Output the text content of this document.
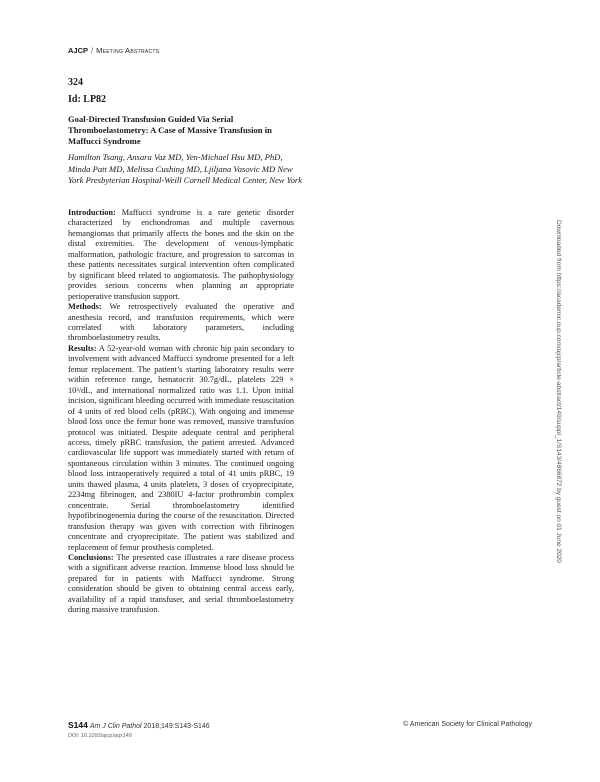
AJCP / Meeting Abstracts
324
Id: LP82
Goal-Directed Transfusion Guided Via Serial Thromboelastometry: A Case of Massive Transfusion in Maffucci Syndrome
Hamilton Tsang, Ansara Vaz MD, Yen-Michael Hsu MD, PhD, Minda Patt MD, Melissa Cushing MD, Ljiljana Vasovic MD New York Presbyterian Hospital-Weill Cornell Medical Center, New York

Introduction: Maffucci syndrome is a rare genetic disorder characterized by enchondromas and multiple cavernous hemangiomas that primarily affects the bones and the skin on the distal extremities. The development of venous-lymphatic malformation, pathologic fracture, and progression to sarcomas in these patients necessitates surgical intervention often complicated by significant bleed related to angiomatosis. The pathophysiology provides serious concerns when planning an appropriate perioperative transfusion support.

Methods: We retrospectively evaluated the operative and anesthesia record, and transfusion requirements, which were correlated with laboratory parameters, including thromboelastometry results.

Results: A 52-year-old woman with chronic hip pain secondary to involvement with advanced Maffucci syndrome presented for a left femur replacement. The patient’s starting laboratory results were within reference range, hematocrit 30.7g/dL, platelets 229 × 10³/dL, and international normalized ratio was 1.1. Upon initial incision, significant bleeding occurred with immediate resuscitation of 4 units of red blood cells (pRBC). With ongoing and immense blood loss once the femur bone was removed, massive transfusion protocol was initiated. Despite adequate central and peripheral access, timely pRBC transfusion, the patient arrested. Advanced cardiovascular life support was immediately started with return of spontaneous circulation within 3 minutes. The continued ongoing blood loss intraoperatively required a total of 41 units pRBC, 19 units thawed plasma, 4 units platelets, 3 doses of cryoprecipitate, 2234mg fibrinogen, and 2380IU 4-factor prothrombin complex concentrate. Serial thromboelastometry identified hypofibrinogenemia during the course of the resuscitation. Directed transfusion therapy was given with correction with fibrinogen concentrate and cryoprecipitate. The patient was stabilized and replacement of femur prosthesis completed.

Conclusions: The presented case illustrates a rare disease process with a significant adverse reaction. Immense blood loss should be prepared for in patients with Maffucci syndrome. Strong consideration should be given to obtaining central access early, availability of a rapid transfuser, and serial thromboelastometry during massive transfusion.

Downloaded from https://academic.oup.com/ajcp/article-abstract/149/suppl_1/S143/4866872 by guest on 01 June 2020
S144 Am J Clin Pathol 2018;149:S143-S146
DOI: 10.1093/ajcp/aqx149
© American Society for Clinical Pathology
